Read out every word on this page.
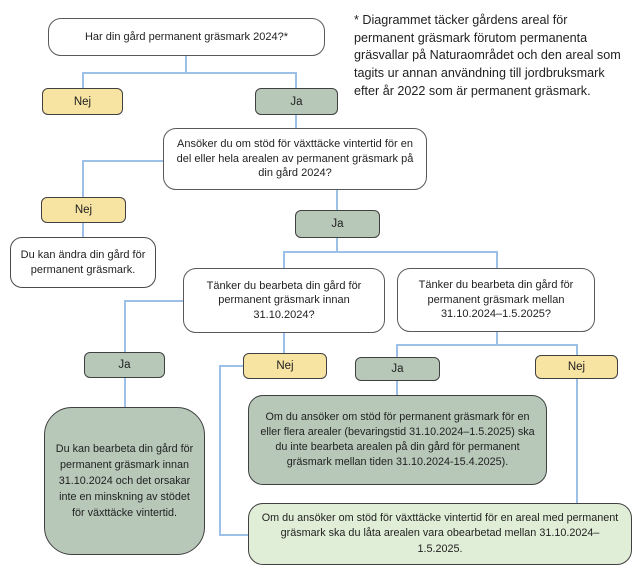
* Diagrammet täcker gårdens areal för permanent gräsmark förutom permanenta gräsvallar på Naturaområdet och den areal som tagits ur annan användning till jordbruksmark efter år 2022 som är permanent gräsmark.
Har din gård permanent gräsmark 2024?*
Ansöker du om stöd för växttäcke vintertid för en del eller hela arealen av permanent gräsmark på din gård 2024?
Tänker du bearbeta din gård för permanent gräsmark innan 31.10.2024?
Tänker du bearbeta din gård för permanent gräsmark mellan 31.10.2024–1.5.2025?
Nej	Ja
Nej
Ja
Ja	Nej	Ja	Nej
Du kan ändra din gård för permanent gräsmark.
Du kan bearbeta din gård för permanent gräsmark innan 31.10.2024 och det orsakar inte en minskning av stödet för växttäcke vintertid.
Om du ansöker om stöd för permanent gräsmark för en eller flera arealer (bevaringstid 31.10.2024–1.5.2025) ska du inte bearbeta arealen på din gård för permanent gräsmark mellan tiden 31.10.2024-15.4.2025).
Om du ansöker om stöd för växttäcke vintertid för en areal med permanent gräsmark ska du låta arealen vara obearbetad mellan 31.10.2024–1.5.2025.
